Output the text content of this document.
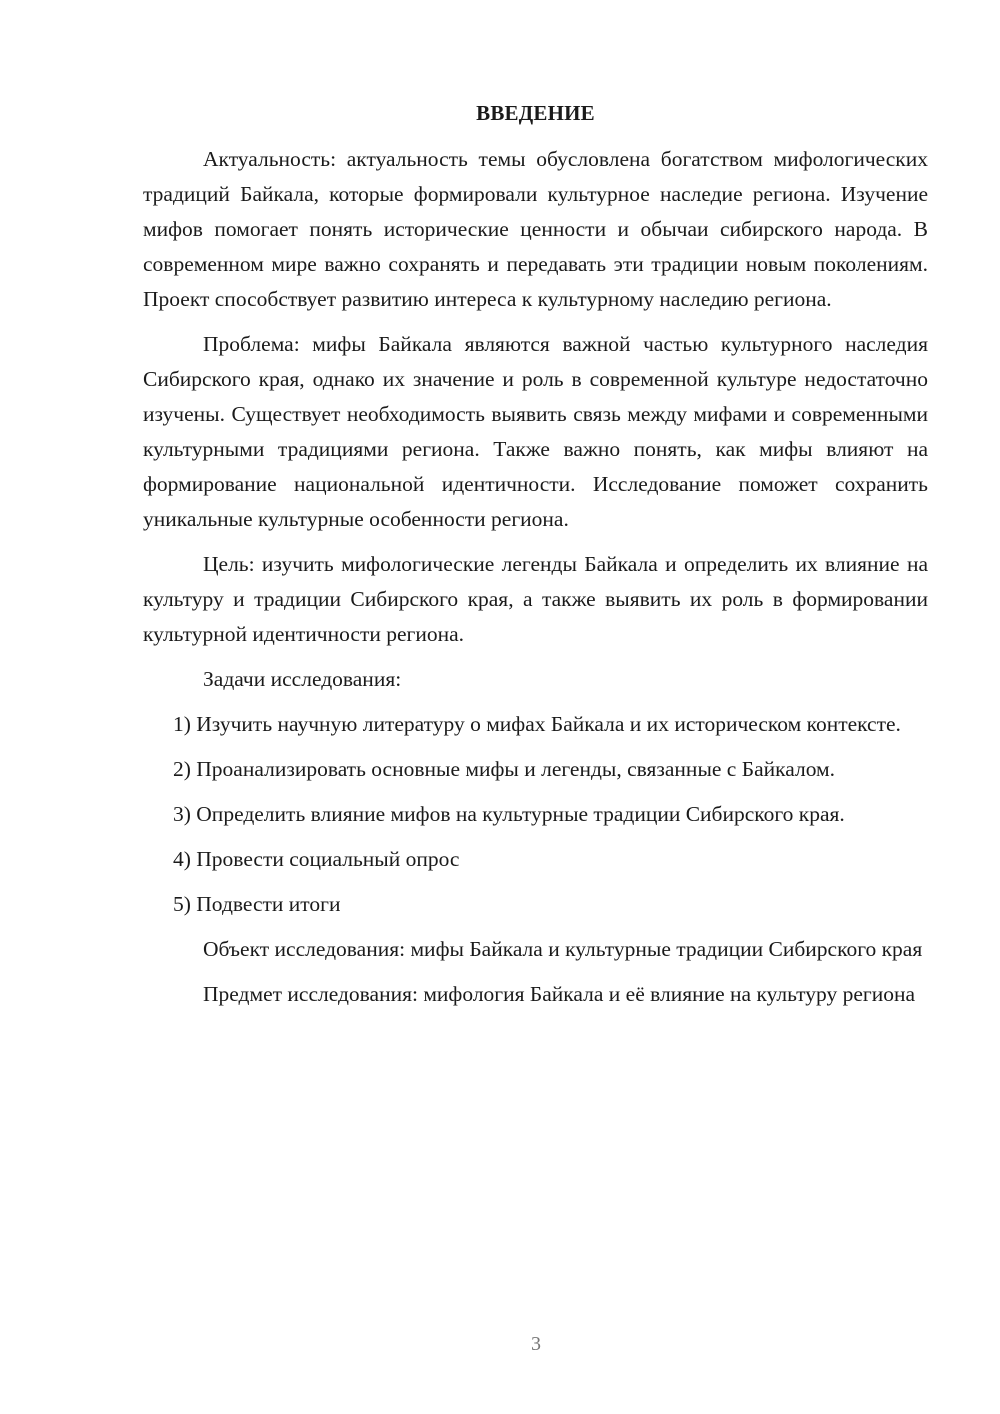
ВВЕДЕНИЕ

Актуальность: актуальность темы обусловлена богатством мифологических традиций Байкала, которые формировали культурное наследие региона. Изучение мифов помогает понять исторические ценности и обычаи сибирского народа. В современном мире важно сохранять и передавать эти традиции новым поколениям. Проект способствует развитию интереса к культурному наследию региона.

Проблема: мифы Байкала являются важной частью культурного наследия Сибирского края, однако их значение и роль в современной культуре недостаточно изучены. Существует необходимость выявить связь между мифами и современными культурными традициями региона. Также важно понять, как мифы влияют на формирование национальной идентичности. Исследование поможет сохранить уникальные культурные особенности региона.

Цель: изучить мифологические легенды Байкала и определить их влияние на культуру и традиции Сибирского края, а также выявить их роль в формировании культурной идентичности региона.

Задачи исследования:

1) Изучить научную литературу о мифах Байкала и их историческом контексте.

2) Проанализировать основные мифы и легенды, связанные с Байкалом.

3) Определить влияние мифов на культурные традиции Сибирского края.

4) Провести социальный опрос

5) Подвести итоги

Объект исследования: мифы Байкала и культурные традиции Сибирского края

Предмет исследования: мифология Байкала и её влияние на культуру региона

3
